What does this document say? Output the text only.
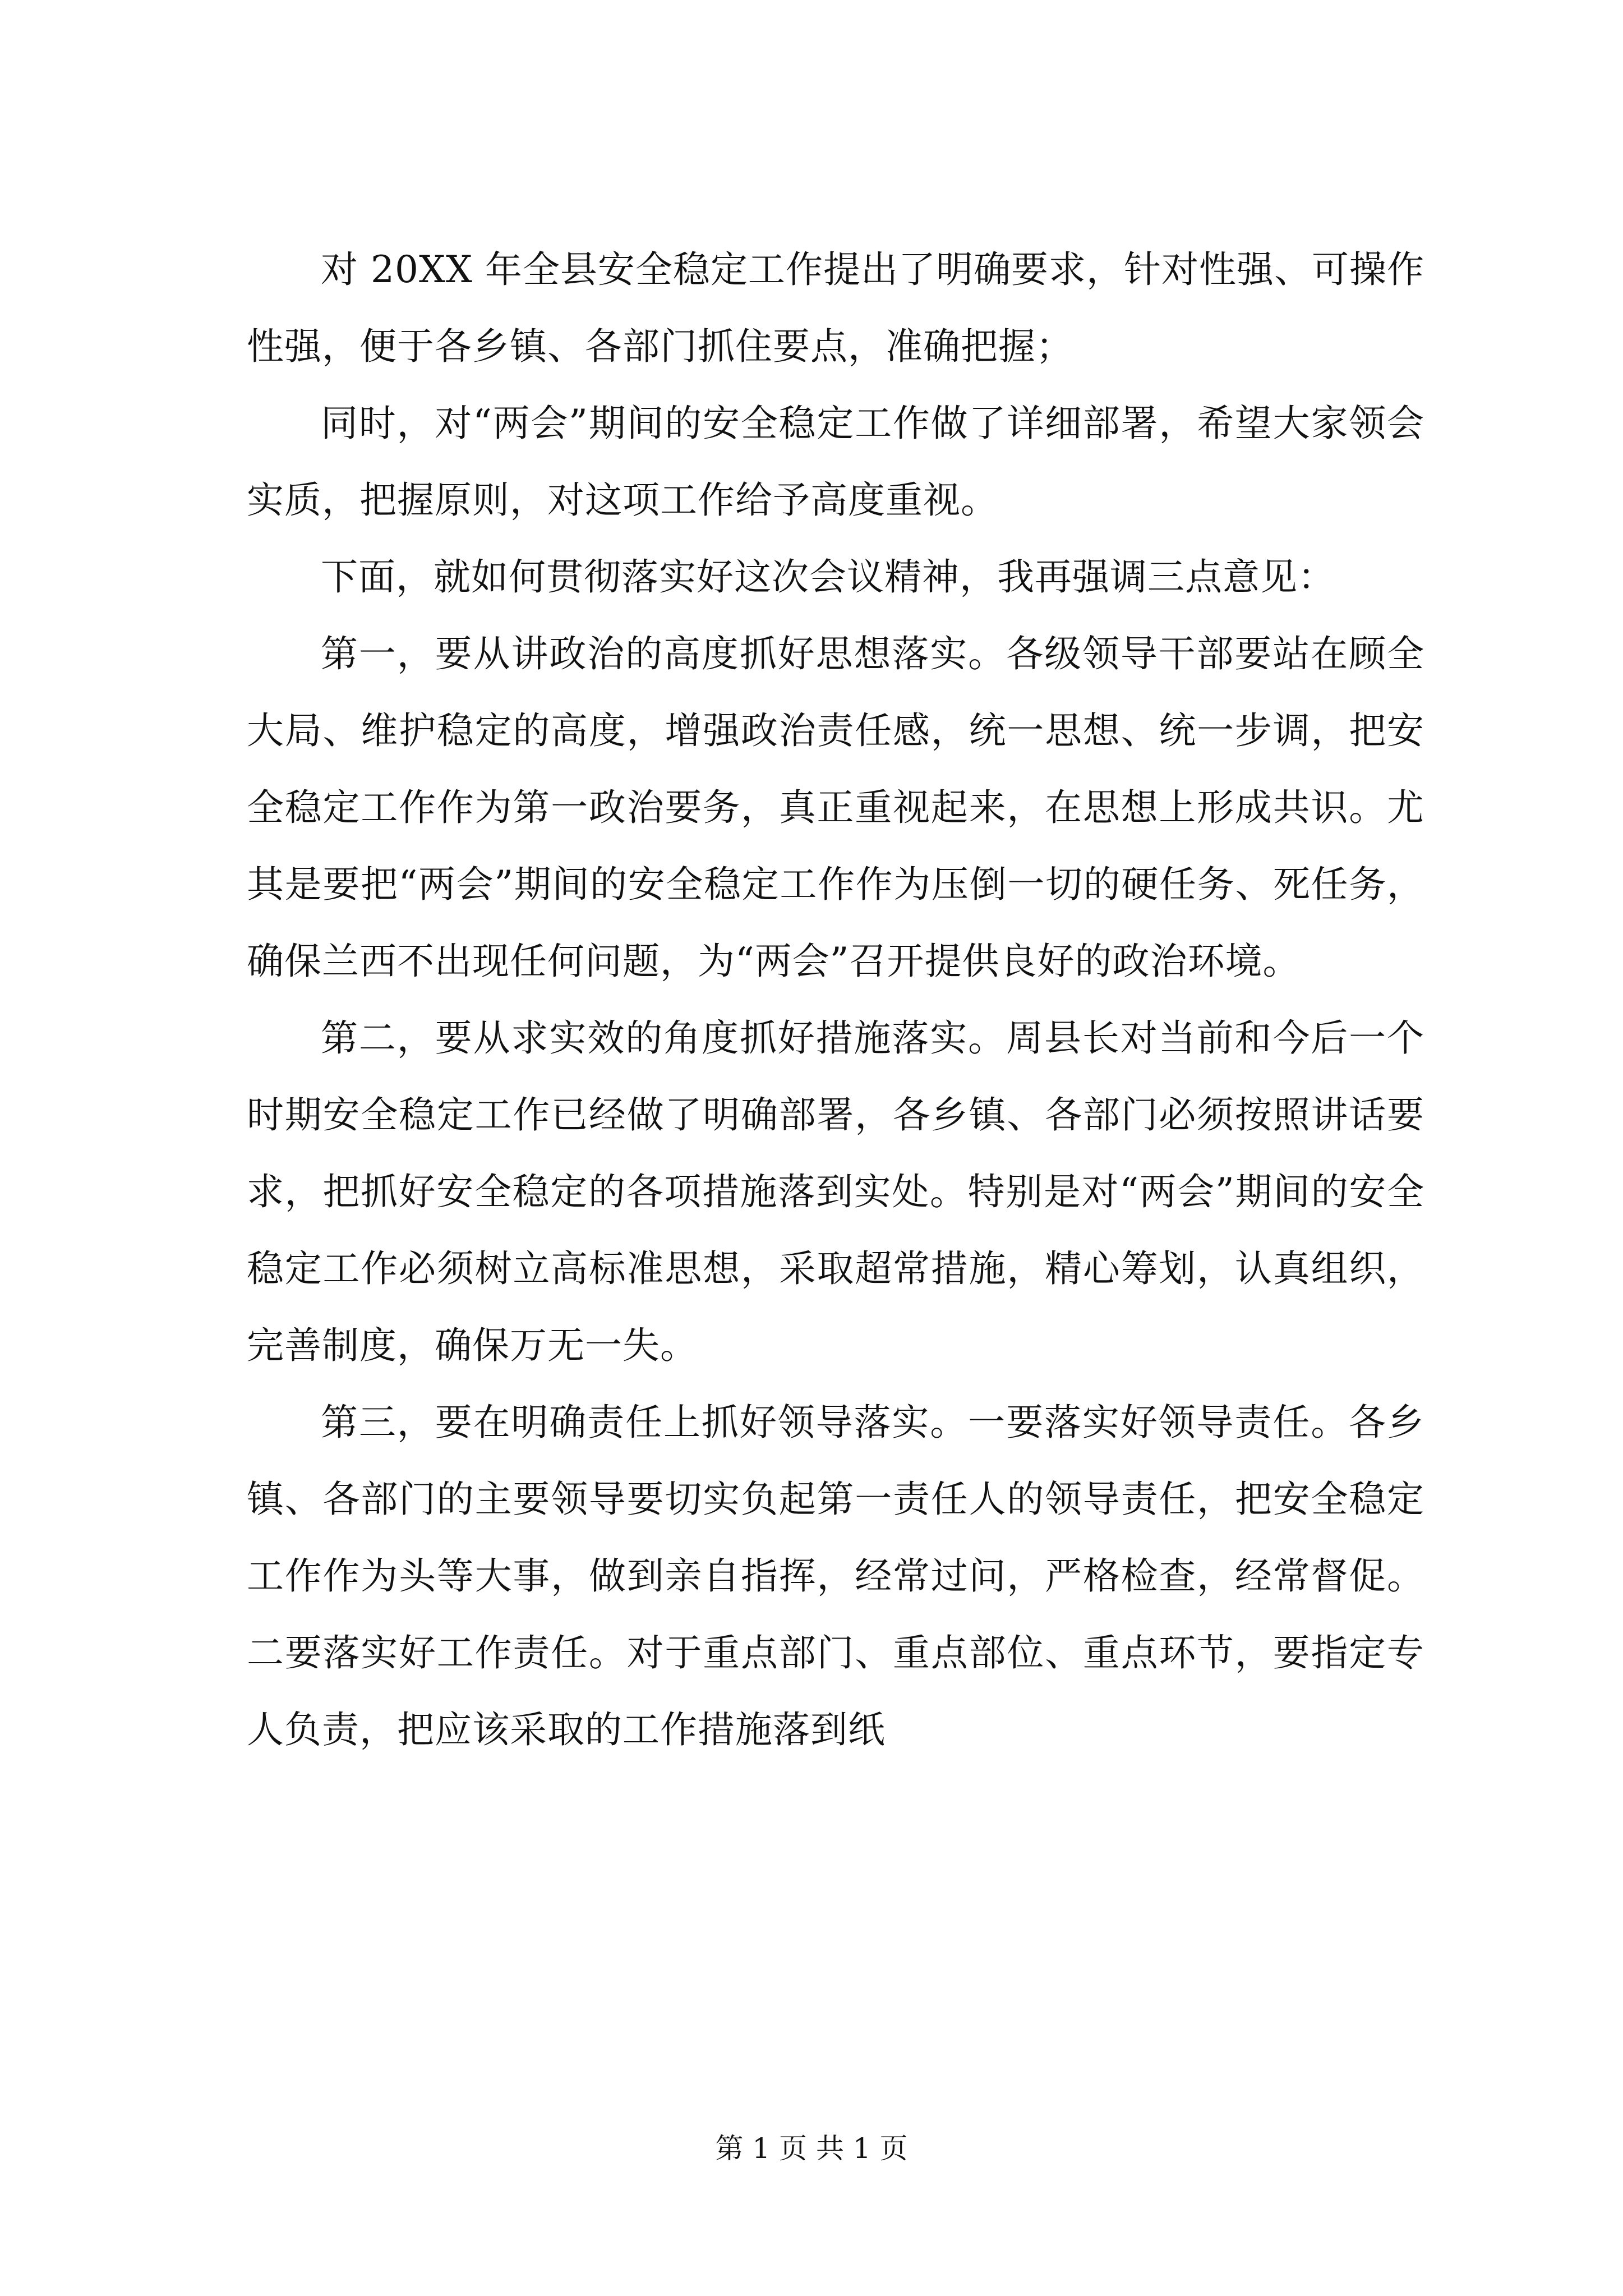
对 20XX 年全县安全稳定工作提出了明确要求，针对性强、可操作性强，便于各乡镇、各部门抓住要点，准确把握；

同时，对“两会”期间的安全稳定工作做了详细部署，希望大家领会实质，把握原则，对这项工作给予高度重视。

下面，就如何贯彻落实好这次会议精神，我再强调三点意见：

第一，要从讲政治的高度抓好思想落实。各级领导干部要站在顾全大局、维护稳定的高度，增强政治责任感，统一思想、统一步调，把安全稳定工作作为第一政治要务，真正重视起来，在思想上形成共识。尤其是要把“两会”期间的安全稳定工作作为压倒一切的硬任务、死任务，确保兰西不出现任何问题，为“两会”召开提供良好的政治环境。

第二，要从求实效的角度抓好措施落实。周县长对当前和今后一个时期安全稳定工作已经做了明确部署，各乡镇、各部门必须按照讲话要求，把抓好安全稳定的各项措施落到实处。特别是对“两会”期间的安全稳定工作必须树立高标准思想，采取超常措施，精心筹划，认真组织，完善制度，确保万无一失。

第三，要在明确责任上抓好领导落实。一要落实好领导责任。各乡镇、各部门的主要领导要切实负起第一责任人的领导责任，把安全稳定工作作为头等大事，做到亲自指挥，经常过问，严格检查，经常督促。二要落实好工作责任。对于重点部门、重点部位、重点环节，要指定专人负责，把应该采取的工作措施落到纸

第 1 页 共 1 页
